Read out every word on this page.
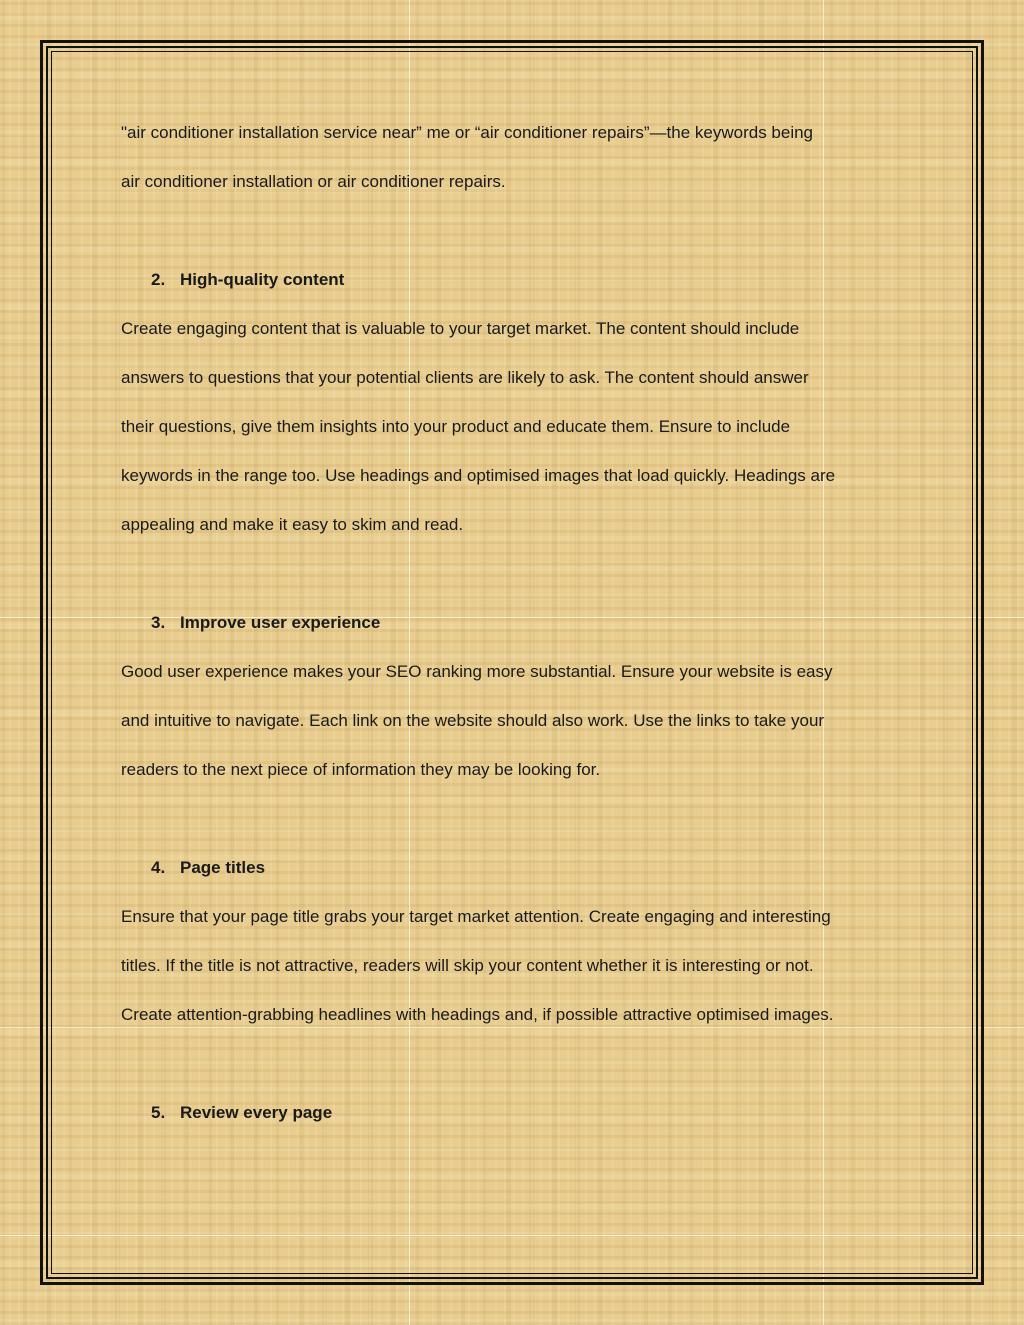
"air conditioner installation service near” me or “air conditioner repairs”—the keywords being

air conditioner installation or air conditioner repairs.

2. High-quality content

Create engaging content that is valuable to your target market. The content should include

answers to questions that your potential clients are likely to ask. The content should answer

their questions, give them insights into your product and educate them. Ensure to include

keywords in the range too. Use headings and optimised images that load quickly. Headings are

appealing and make it easy to skim and read.

3. Improve user experience

Good user experience makes your SEO ranking more substantial. Ensure your website is easy

and intuitive to navigate. Each link on the website should also work. Use the links to take your

readers to the next piece of information they may be looking for.

4. Page titles

Ensure that your page title grabs your target market attention. Create engaging and interesting

titles. If the title is not attractive, readers will skip your content whether it is interesting or not.

Create attention-grabbing headlines with headings and, if possible attractive optimised images.

5. Review every page
